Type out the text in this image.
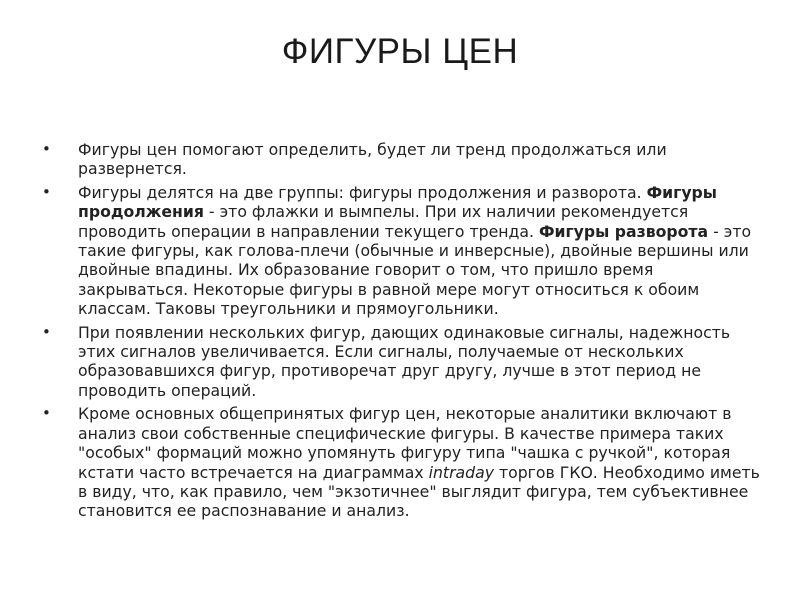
ФИГУРЫ ЦЕН
• Фигуры цен помогают определить, будет ли тренд продолжаться или развернется.
• Фигуры делятся на две группы: фигуры продолжения и разворота. Фигуры продолжения - это флажки и вымпелы. При их наличии рекомендуется проводить операции в направлении текущего тренда. Фигуры разворота - это такие фигуры, как голова-плечи (обычные и инверсные), двойные вершины или двойные впадины. Их образование говорит о том, что пришло время закрываться. Некоторые фигуры в равной мере могут относиться к обоим классам. Таковы треугольники и прямоугольники.
• При появлении нескольких фигур, дающих одинаковые сигналы, надежность этих сигналов увеличивается. Если сигналы, получаемые от нескольких образовавшихся фигур, противоречат друг другу, лучше в этот период не проводить операций.
• Кроме основных общепринятых фигур цен, некоторые аналитики включают в анализ свои собственные специфические фигуры. В качестве примера таких "особых" формаций можно упомянуть фигуру типа "чашка с ручкой", которая кстати часто встречается на диаграммах intraday торгов ГКО. Необходимо иметь в виду, что, как правило, чем "экзотичнее" выглядит фигура, тем субъективнее становится ее распознавание и анализ.
